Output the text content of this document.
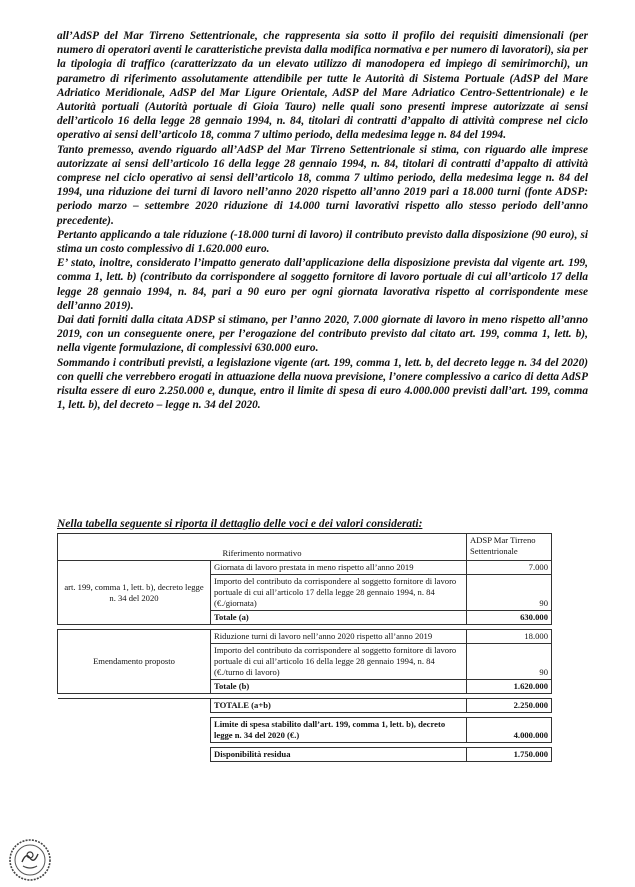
all’AdSP del Mar Tirreno Settentrionale, che rappresenta sia sotto il profilo dei requisiti dimensionali (per numero di operatori aventi le caratteristiche prevista dalla modifica normativa e per numero di lavoratori), sia per la tipologia di traffico (caratterizzato da un elevato utilizzo di manodopera ed impiego di semirimorchi), un parametro di riferimento assolutamente attendibile per tutte le Autorità di Sistema Portuale (AdSP del Mare Adriatico Meridionale, AdSP del Mar Ligure Orientale, AdSP del Mare Adriatico Centro-Settentrionale) e le Autorità portuali (Autorità portuale di Gioia Tauro) nelle quali sono presenti imprese autorizzate ai sensi dell’articolo 16 della legge 28 gennaio 1994, n. 84, titolari di contratti d’appalto di attività comprese nel ciclo operativo ai sensi dell’articolo 18, comma 7 ultimo periodo, della medesima legge n. 84 del 1994.

Tanto premesso, avendo riguardo all’AdSP del Mar Tirreno Settentrionale si stima, con riguardo alle imprese autorizzate ai sensi dell’articolo 16 della legge 28 gennaio 1994, n. 84, titolari di contratti d’appalto di attività comprese nel ciclo operativo ai sensi dell’articolo 18, comma 7 ultimo periodo, della medesima legge n. 84 del 1994, una riduzione dei turni di lavoro nell’anno 2020 rispetto all’anno 2019 pari a 18.000 turni (fonte ADSP: periodo marzo – settembre 2020 riduzione di 14.000 turni lavorativi rispetto allo stesso periodo dell’anno precedente).

Pertanto applicando a tale riduzione (-18.000 turni di lavoro) il contributo previsto dalla disposizione (90 euro), si stima un costo complessivo di 1.620.000 euro.

E’ stato, inoltre, considerato l’impatto generato dall’applicazione della disposizione prevista dal vigente art. 199, comma 1, lett. b) (contributo da corrispondere al soggetto fornitore di lavoro portuale di cui all’articolo 17 della legge 28 gennaio 1994, n. 84, pari a 90 euro per ogni giornata lavorativa rispetto al corrispondente mese dell’anno 2019).

Dai dati forniti dalla citata ADSP si stimano, per l’anno 2020, 7.000 giornate di lavoro in meno rispetto all’anno 2019, con un conseguente onere, per l’erogazione del contributo previsto dal citato art. 199, comma 1, lett. b), nella vigente formulazione, di complessivi 630.000 euro.

Sommando i contributi previsti, a legislazione vigente (art. 199, comma 1, lett. b, del decreto legge n. 34 del 2020) con quelli che verrebbero erogati in attuazione della nuova previsione, l’onere complessivo a carico di detta AdSP risulta essere di euro 2.250.000 e, dunque, entro il limite di spesa di euro 4.000.000 previsti dall’art. 199, comma 1, lett. b), del decreto – legge n. 34 del 2020.

Nella tabella seguente si riporta il dettaglio delle voci e dei valori considerati:
Riferimento normativo		ADSP Mar Tirreno Settentrionale
art. 199, comma 1, lett. b), decreto legge n. 34 del 2020	Giornata di lavoro prestata in meno rispetto all’anno 2019	7.000
	Importo del contributo da corrispondere al soggetto fornitore di lavoro portuale di cui all’articolo 17 della legge 28 gennaio 1994, n. 84 (€./giornata)	90
	Totale (a)	630.000

Emendamento proposto	Riduzione turni di lavoro nell’anno 2020 rispetto all’anno 2019	18.000
	Importo del contributo da corrispondere al soggetto fornitore di lavoro portuale di cui all’articolo 16 della legge 28 gennaio 1994, n. 84 (€./turno di lavoro)	90
	Totale (b)	1.620.000

	TOTALE (a+b)	2.250.000

	Limite di spesa stabilito dall’art. 199, comma 1, lett. b), decreto legge n. 34 del 2020 (€.)	4.000.000

	Disponibilità residua	1.750.000
